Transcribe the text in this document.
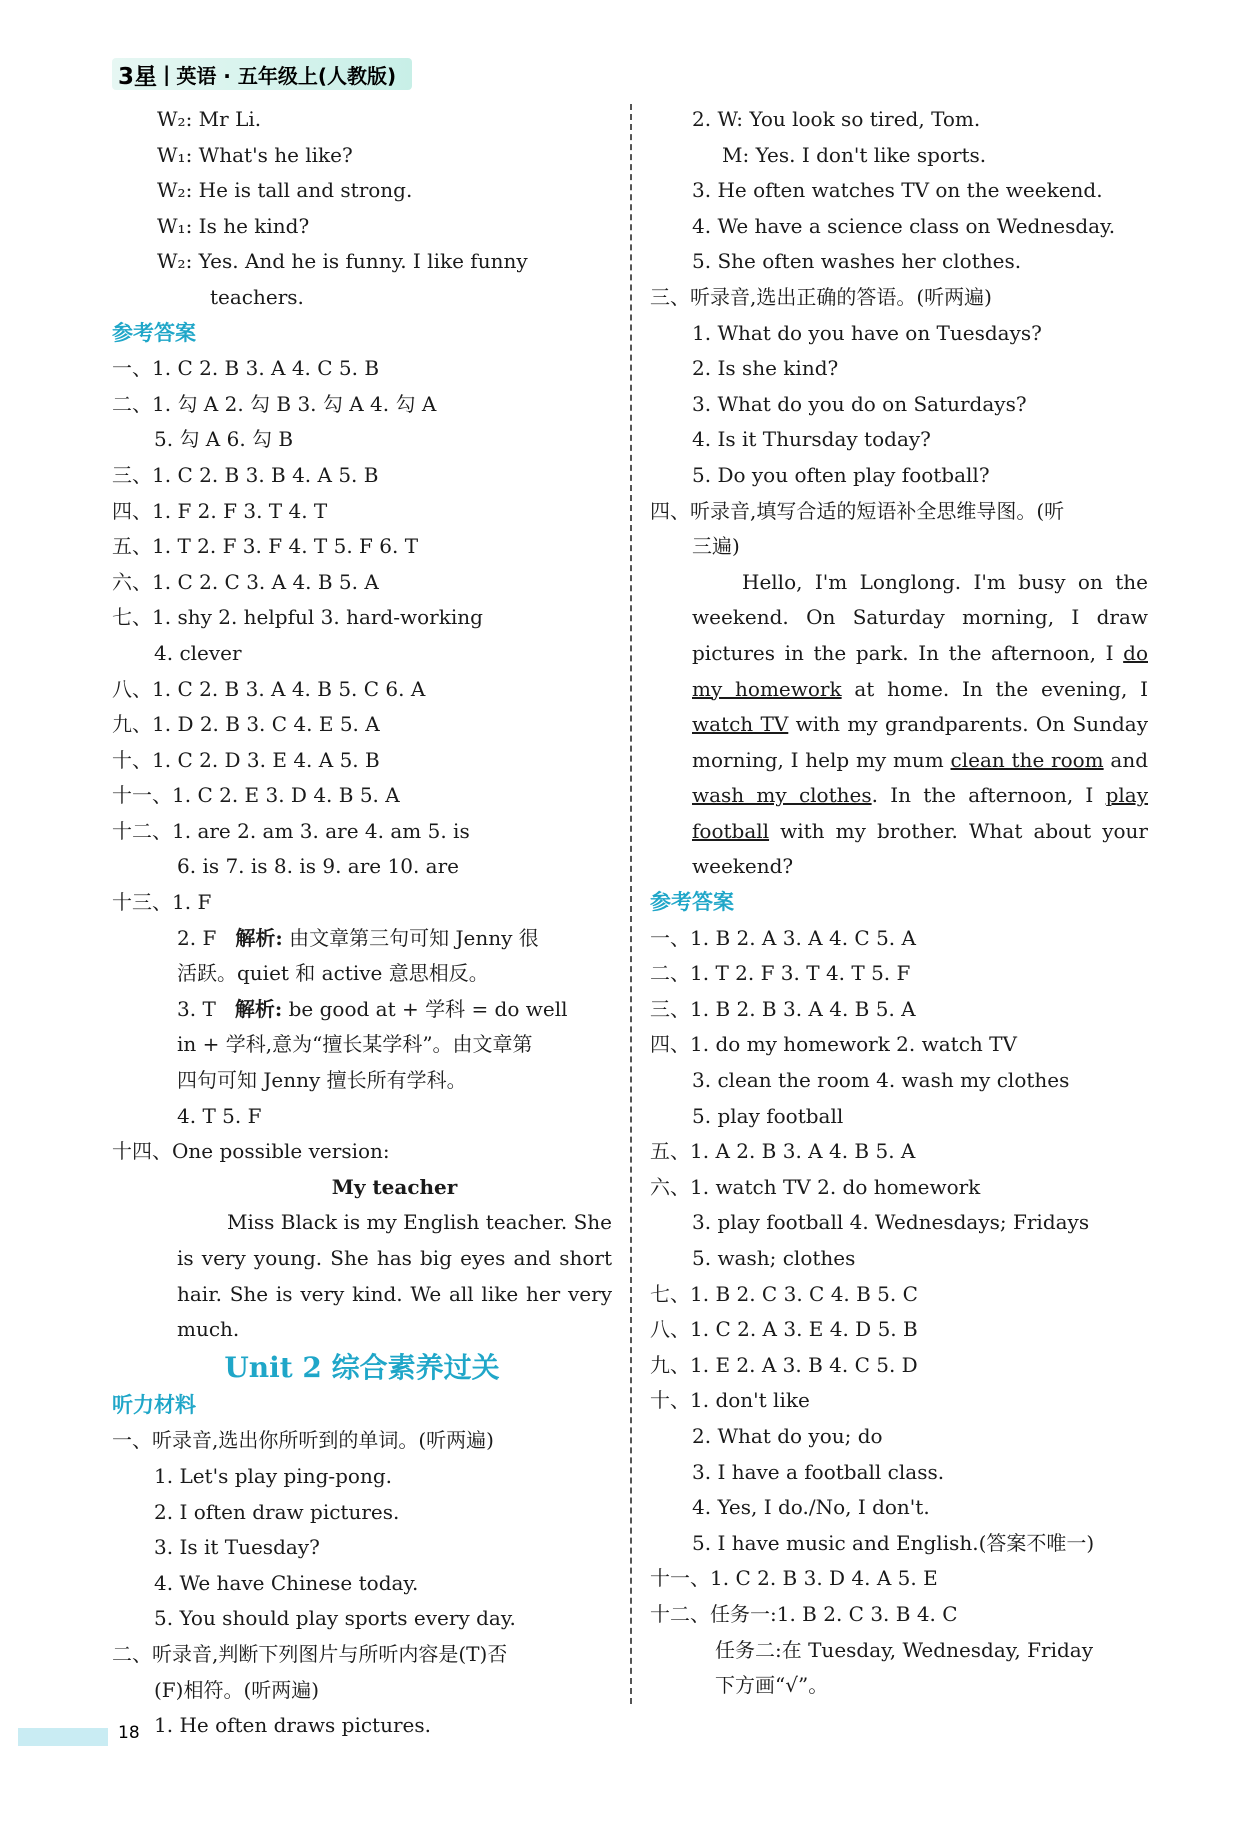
3星 | 英语 · 五年级上(人教版)
W₂: Mr Li.
W₁: What's he like?
W₂: He is tall and strong.
W₁: Is he kind?
W₂: Yes. And he is funny. I like funny
teachers.
参考答案
一、1. C 2. B 3. A 4. C 5. B
二、1. 勾 A 2. 勾 B 3. 勾 A 4. 勾 A
5. 勾 A 6. 勾 B
三、1. C 2. B 3. B 4. A 5. B
四、1. F 2. F 3. T 4. T
五、1. T 2. F 3. F 4. T 5. F 6. T
六、1. C 2. C 3. A 4. B 5. A
七、1. shy 2. helpful 3. hard-working
4. clever
八、1. C 2. B 3. A 4. B 5. C 6. A
九、1. D 2. B 3. C 4. E 5. A
十、1. C 2. D 3. E 4. A 5. B
十一、1. C 2. E 3. D 4. B 5. A
十二、1. are 2. am 3. are 4. am 5. is
6. is 7. is 8. is 9. are 10. are
十三、1. F
2. F 解析: 由文章第三句可知 Jenny 很
活跃。quiet 和 active 意思相反。
3. T 解析: be good at + 学科 = do well
in + 学科,意为“擅长某学科”。由文章第
四句可知 Jenny 擅长所有学科。
4. T 5. F
十四、One possible version:
My teacher
Miss Black is my English teacher. She is very young. She has big eyes and short hair. She is very kind. We all like her very much.
Unit 2 综合素养过关
听力材料
一、听录音,选出你所听到的单词。(听两遍)
1. Let's play ping-pong.
2. I often draw pictures.
3. Is it Tuesday?
4. We have Chinese today.
5. You should play sports every day.
二、听录音,判断下列图片与所听内容是(T)否
(F)相符。(听两遍)
1. He often draws pictures.
2. W: You look so tired, Tom.
M: Yes. I don't like sports.
3. He often watches TV on the weekend.
4. We have a science class on Wednesday.
5. She often washes her clothes.
三、听录音,选出正确的答语。(听两遍)
1. What do you have on Tuesdays?
2. Is she kind?
3. What do you do on Saturdays?
4. Is it Thursday today?
5. Do you often play football?
四、听录音,填写合适的短语补全思维导图。(听
三遍)
Hello, I'm Longlong. I'm busy on the weekend. On Saturday morning, I draw pictures in the park. In the afternoon, I do my homework at home. In the evening, I watch TV with my grandparents. On Sunday morning, I help my mum clean the room and wash my clothes. In the afternoon, I play football with my brother. What about your weekend?
参考答案
一、1. B 2. A 3. A 4. C 5. A
二、1. T 2. F 3. T 4. T 5. F
三、1. B 2. B 3. A 4. B 5. A
四、1. do my homework 2. watch TV
3. clean the room 4. wash my clothes
5. play football
五、1. A 2. B 3. A 4. B 5. A
六、1. watch TV 2. do homework
3. play football 4. Wednesdays; Fridays
5. wash; clothes
七、1. B 2. C 3. C 4. B 5. C
八、1. C 2. A 3. E 4. D 5. B
九、1. E 2. A 3. B 4. C 5. D
十、1. don't like
2. What do you; do
3. I have a football class.
4. Yes, I do./No, I don't.
5. I have music and English.(答案不唯一)
十一、1. C 2. B 3. D 4. A 5. E
十二、任务一:1. B 2. C 3. B 4. C
任务二:在 Tuesday, Wednesday, Friday
下方画“√”。
18
